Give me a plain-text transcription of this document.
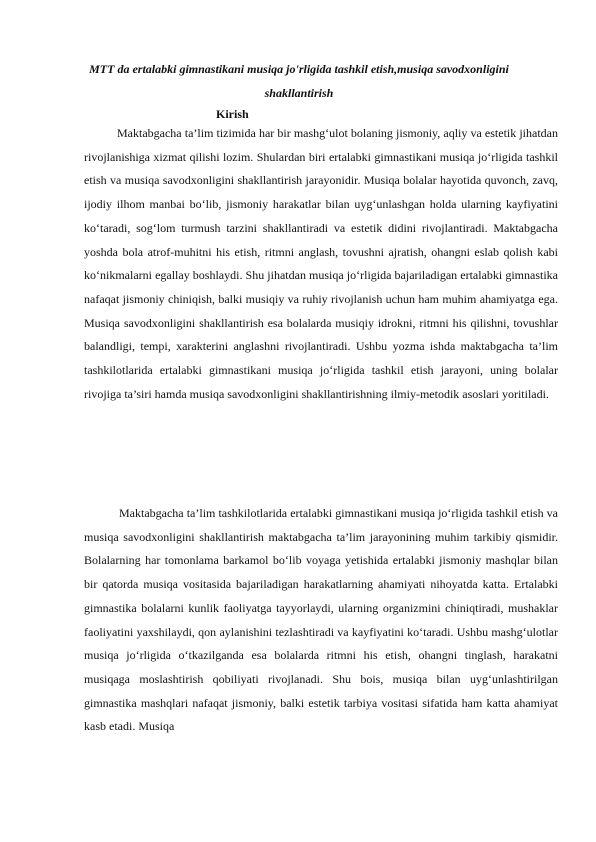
MTT da ertalabki gimnastikani musiqa jo'rligida tashkil etish,musiqa savodxonligini shakllantirish

Kirish

Maktabgacha ta’lim tizimida har bir mashg‘ulot bolaning jismoniy, aqliy va estetik jihatdan rivojlanishiga xizmat qilishi lozim. Shulardan biri ertalabki gimnastikani musiqa jo‘rligida tashkil etish va musiqa savodxonligini shakllantirish jarayonidir. Musiqa bolalar hayotida quvonch, zavq, ijodiy ilhom manbai bo‘lib, jismoniy harakatlar bilan uyg‘unlashgan holda ularning kayfiyatini ko‘taradi, sog‘lom turmush tarzini shakllantiradi va estetik didini rivojlantiradi. Maktabgacha yoshda bola atrof-muhitni his etish, ritmni anglash, tovushni ajratish, ohangni eslab qolish kabi ko‘nikmalarni egallay boshlaydi. Shu jihatdan musiqa jo‘rligida bajariladigan ertalabki gimnastika nafaqat jismoniy chiniqish, balki musiqiy va ruhiy rivojlanish uchun ham muhim ahamiyatga ega. Musiqa savodxonligini shakllantirish esa bolalarda musiqiy idrokni, ritmni his qilishni, tovushlar balandligi, tempi, xarakterini anglashni rivojlantiradi. Ushbu yozma ishda maktabgacha ta’lim tashkilotlarida ertalabki gimnastikani musiqa jo‘rligida tashkil etish jarayoni, uning bolalar rivojiga ta’siri hamda musiqa savodxonligini shakllantirishning ilmiy-metodik asoslari yoritiladi.

Maktabgacha ta’lim tashkilotlarida ertalabki gimnastikani musiqa jo‘rligida tashkil etish va musiqa savodxonligini shakllantirish maktabgacha ta’lim jarayonining muhim tarkibiy qismidir. Bolalarning har tomonlama barkamol bo‘lib voyaga yetishida ertalabki jismoniy mashqlar bilan bir qatorda musiqa vositasida bajariladigan harakatlarning ahamiyati nihoyatda katta. Ertalabki gimnastika bolalarni kunlik faoliyatga tayyorlaydi, ularning organizmini chiniqtiradi, mushaklar faoliyatini yaxshilaydi, qon aylanishini tezlashtiradi va kayfiyatini ko‘taradi. Ushbu mashg‘ulotlar musiqa jo‘rligida o‘tkazilganda esa bolalarda ritmni his etish, ohangni tinglash, harakatni musiqaga moslashtirish qobiliyati rivojlanadi. Shu bois, musiqa bilan uyg‘unlashtirilgan gimnastika mashqlari nafaqat jismoniy, balki estetik tarbiya vositasi sifatida ham katta ahamiyat kasb etadi. Musiqa
